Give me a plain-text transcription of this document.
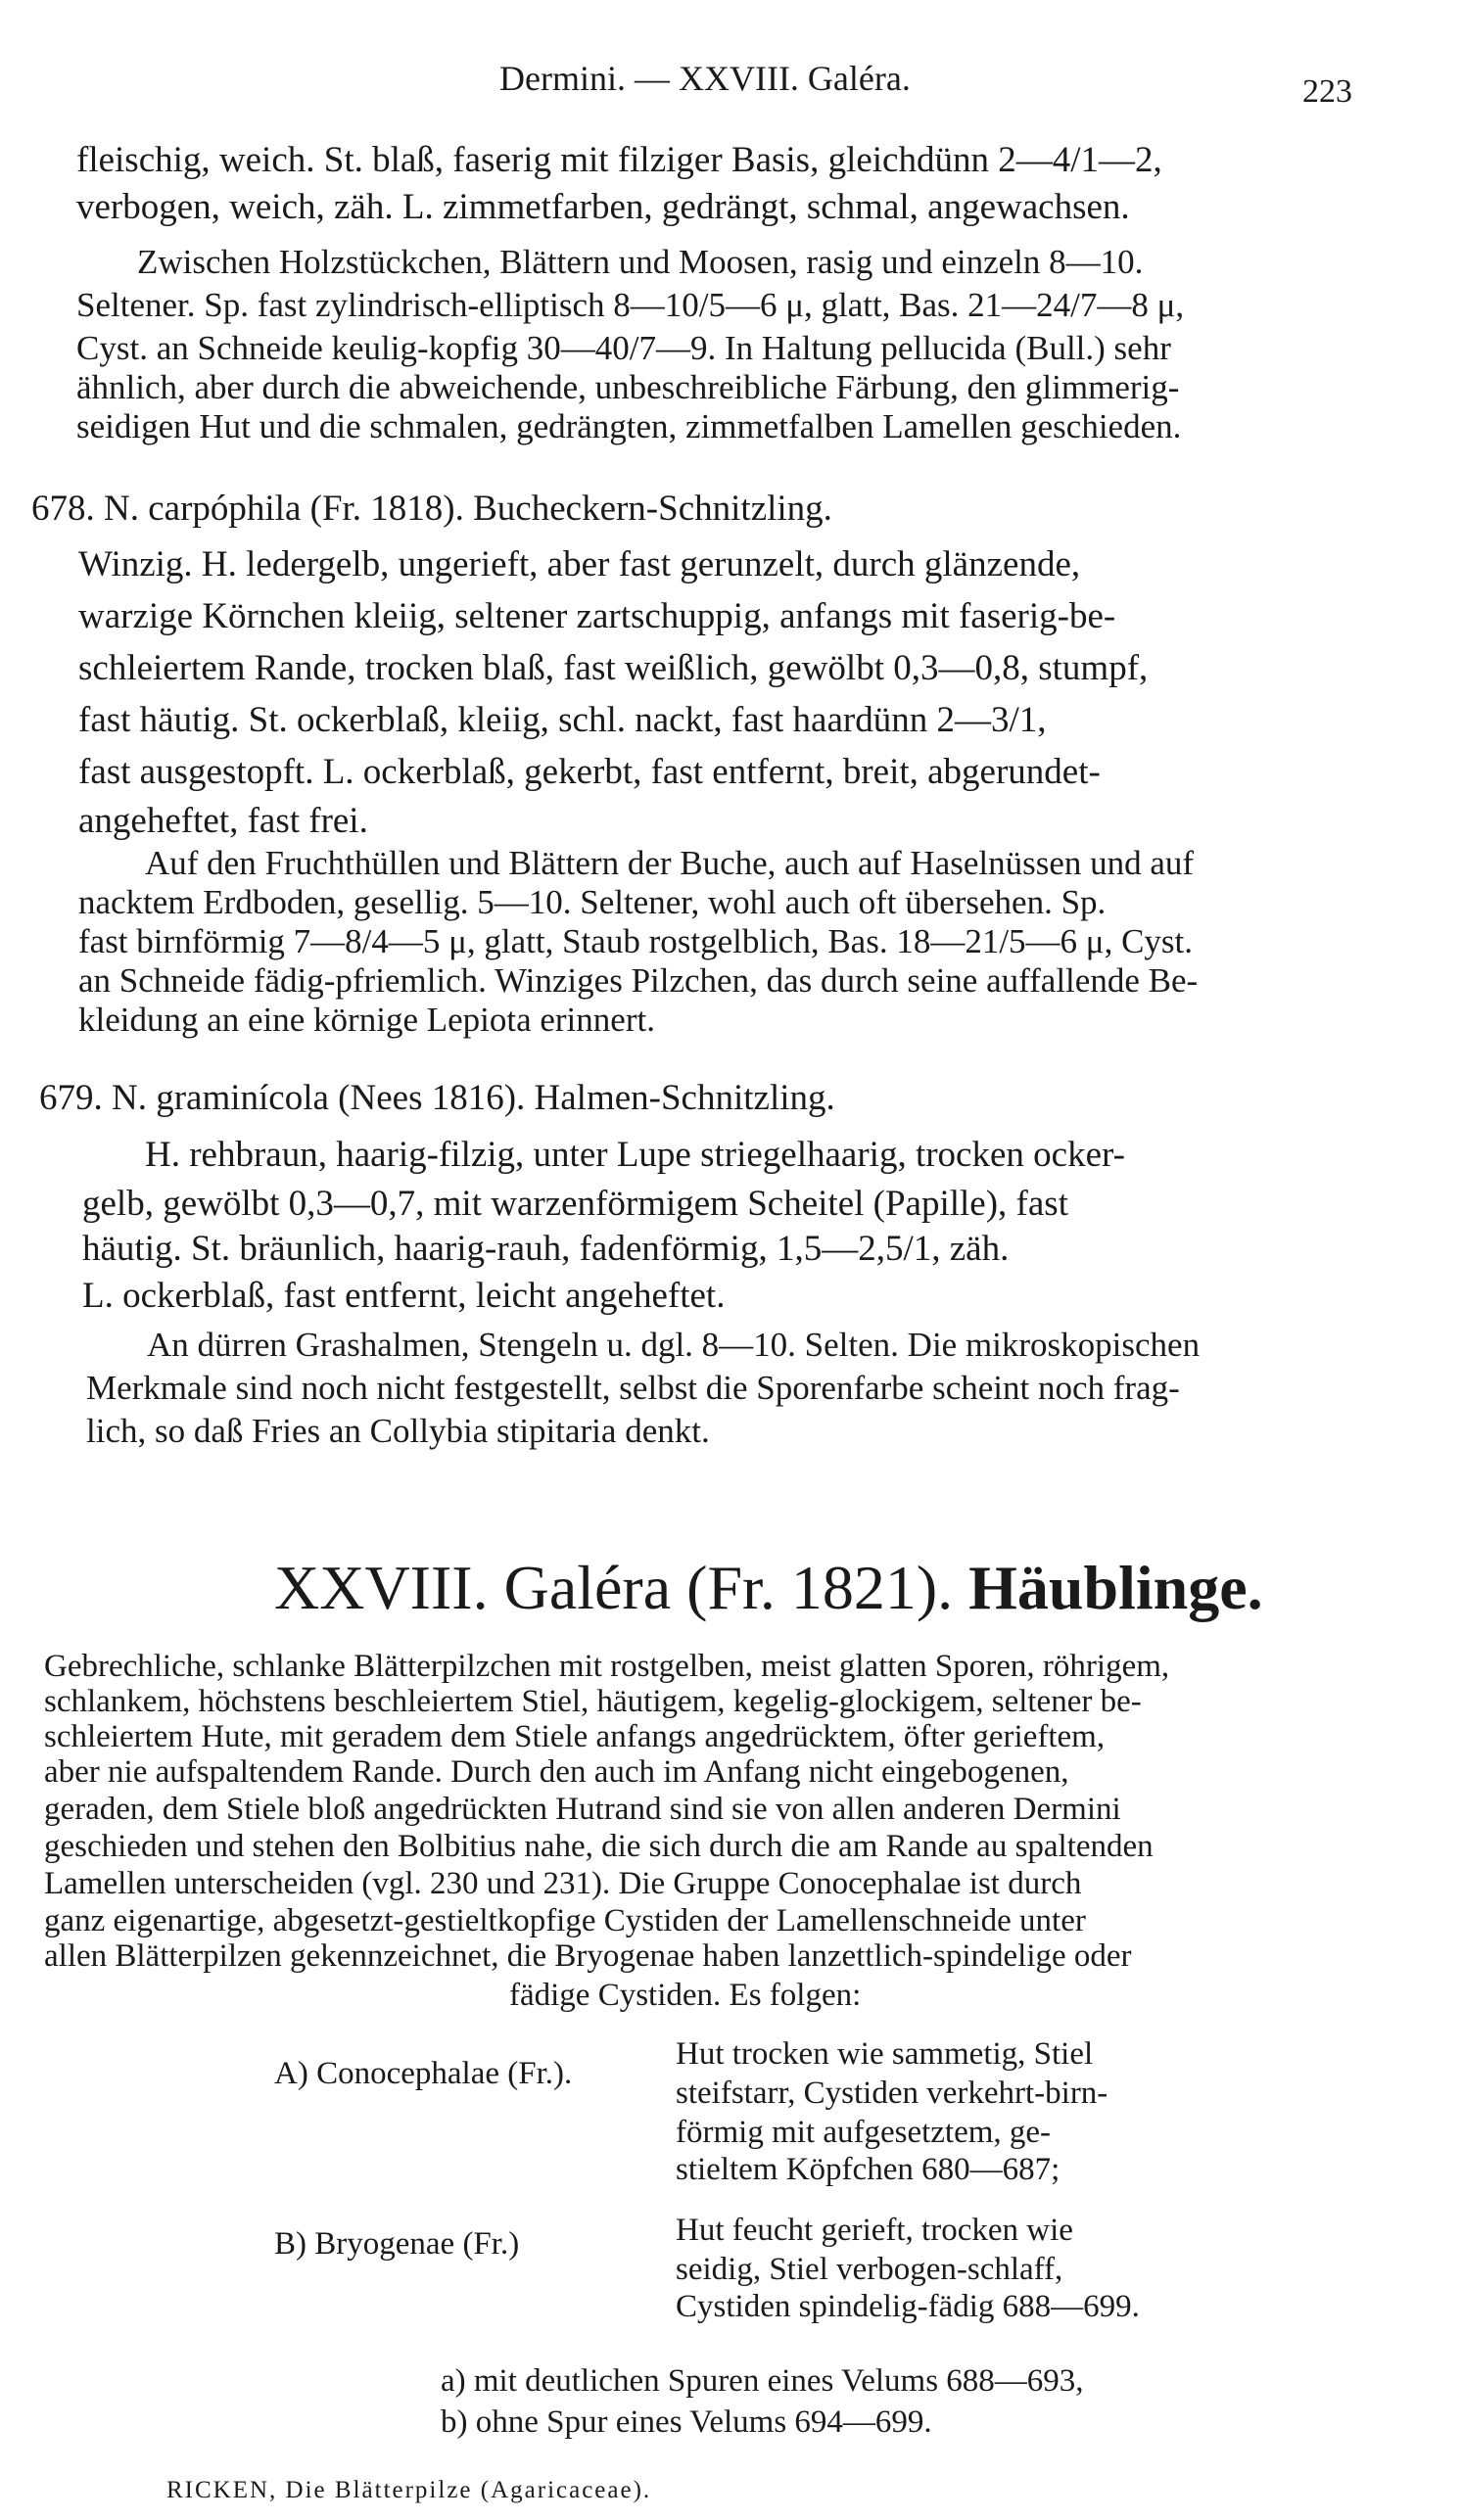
Dermini. — XXVIII. Galéra.	223
fleischig, weich. St. blaß, faserig mit filziger Basis, gleichdünn 2—4/1—2,
verbogen, weich, zäh. L. zimmetfarben, gedrängt, schmal, angewachsen.
Zwischen Holzstückchen, Blättern und Moosen, rasig und einzeln 8—10.
Seltener. Sp. fast zylindrisch-elliptisch 8—10/5—6 μ, glatt, Bas. 21—24/7—8 μ,
Cyst. an Schneide keulig-kopfig 30—40/7—9. In Haltung pellucida (Bull.) sehr
ähnlich, aber durch die abweichende, unbeschreibliche Färbung, den glimmerig-
seidigen Hut und die schmalen, gedrängten, zimmetfalben Lamellen geschieden.
678. N. carpóphila (Fr. 1818). Bucheckern-Schnitzling.
Winzig. H. ledergelb, ungerieft, aber fast gerunzelt, durch glänzende,
warzige Körnchen kleiig, seltener zartschuppig, anfangs mit faserig-be-
schleiertem Rande, trocken blaß, fast weißlich, gewölbt 0,3—0,8, stumpf,
fast häutig. St. ockerblaß, kleiig, schl. nackt, fast haardünn 2—3/1,
fast ausgestopft. L. ockerblaß, gekerbt, fast entfernt, breit, abgerundet-
angeheftet, fast frei.
Auf den Fruchthüllen und Blättern der Buche, auch auf Haselnüssen und auf
nacktem Erdboden, gesellig. 5—10. Seltener, wohl auch oft übersehen. Sp.
fast birnförmig 7—8/4—5 μ, glatt, Staub rostgelblich, Bas. 18—21/5—6 μ, Cyst.
an Schneide fädig-pfriemlich. Winziges Pilzchen, das durch seine auffallende Be-
kleidung an eine körnige Lepiota erinnert.
679. N. graminícola (Nees 1816). Halmen-Schnitzling.
H. rehbraun, haarig-filzig, unter Lupe striegelhaarig, trocken ocker-
gelb, gewölbt 0,3—0,7, mit warzenförmigem Scheitel (Papille), fast
häutig. St. bräunlich, haarig-rauh, fadenförmig, 1,5—2,5/1, zäh.
L. ockerblaß, fast entfernt, leicht angeheftet.
An dürren Grashalmen, Stengeln u. dgl. 8—10. Selten. Die mikroskopischen
Merkmale sind noch nicht festgestellt, selbst die Sporenfarbe scheint noch frag-
lich, so daß Fries an Collybia stipitaria denkt.
XXVIII. Galéra (Fr. 1821). Häublinge.
Gebrechliche, schlanke Blätterpilzchen mit rostgelben, meist glatten Sporen, röhrigem,
schlankem, höchstens beschleiertem Stiel, häutigem, kegelig-glockigem, seltener be-
schleiertem Hute, mit geradem dem Stiele anfangs angedrücktem, öfter gerieftem,
aber nie aufspaltendem Rande. Durch den auch im Anfang nicht eingebogenen,
geraden, dem Stiele bloß angedrückten Hutrand sind sie von allen anderen Dermini
geschieden und stehen den Bolbitius nahe, die sich durch die am Rande au spaltenden
Lamellen unterscheiden (vgl. 230 und 231). Die Gruppe Conocephalae ist durch
ganz eigenartige, abgesetzt-gestieltkopfige Cystiden der Lamellenschneide unter
allen Blätterpilzen gekennzeichnet, die Bryogenae haben lanzettlich-spindelige oder
fädige Cystiden. Es folgen:
A) Conocephalae (Fr.).
Hut trocken wie sammetig, Stiel
steifstarr, Cystiden verkehrt-birn-
förmig mit aufgesetztem, ge-
stieltem Köpfchen 680—687;
B) Bryogenae (Fr.)	Hut feucht gerieft, trocken wie
seidig, Stiel verbogen-schlaff,
Cystiden spindelig-fädig 688—699.
a) mit deutlichen Spuren eines Velums 688—693,
b) ohne Spur eines Velums 694—699.
RICKEN, Die Blätterpilze (Agaricaceae).
